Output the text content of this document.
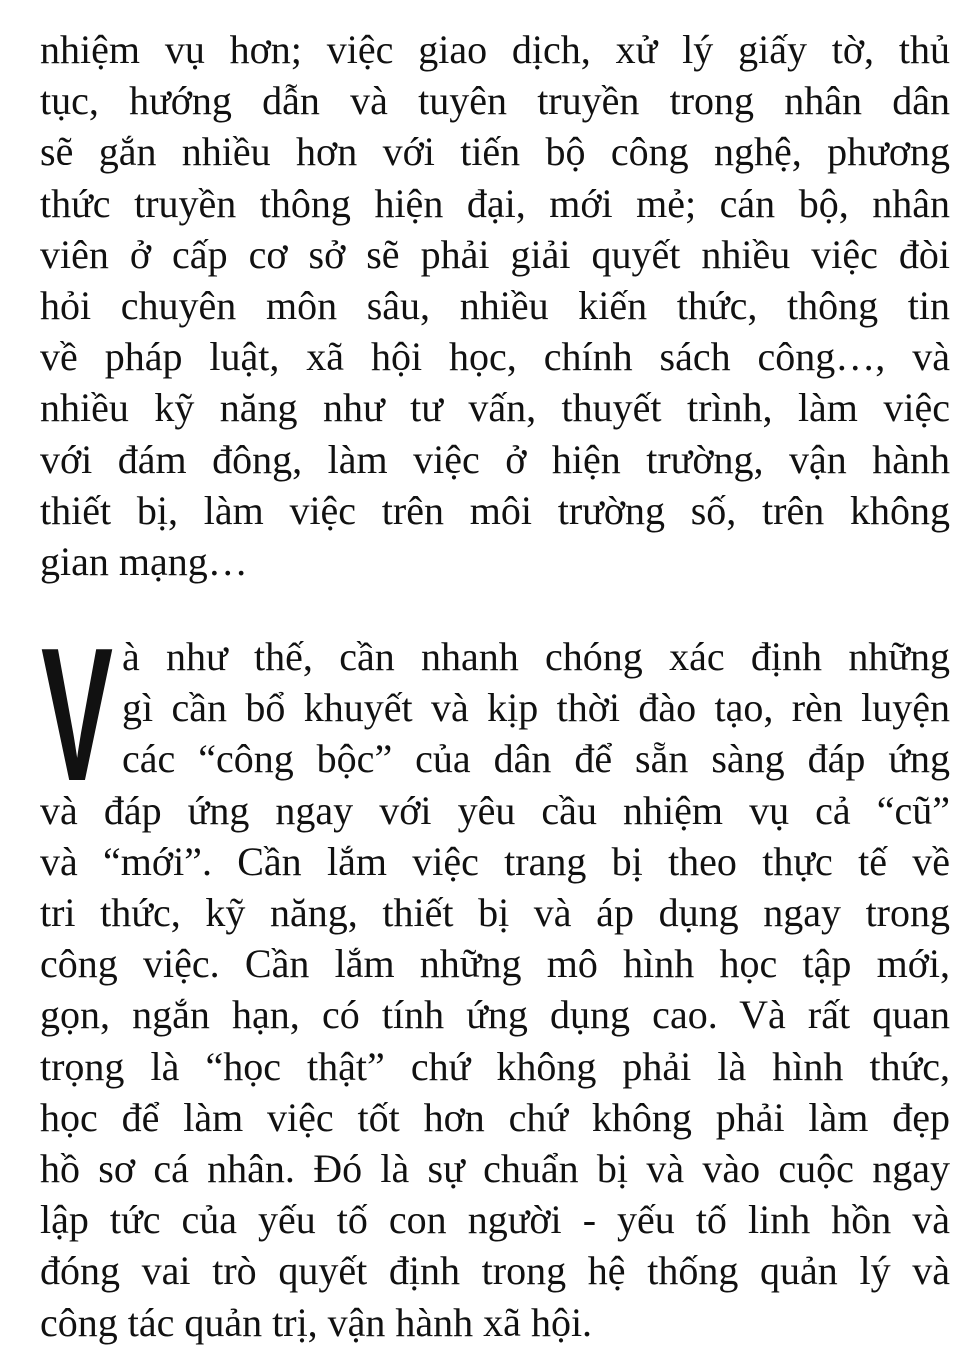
nhiệm vụ hơn; việc giao dịch, xử lý giấy tờ, thủ
tục, hướng dẫn và tuyên truyền trong nhân dân
sẽ gắn nhiều hơn với tiến bộ công nghệ, phương
thức truyền thông hiện đại, mới mẻ; cán bộ, nhân
viên ở cấp cơ sở sẽ phải giải quyết nhiều việc đòi
hỏi chuyên môn sâu, nhiều kiến thức, thông tin
về pháp luật, xã hội học, chính sách công…, và
nhiều kỹ năng như tư vấn, thuyết trình, làm việc
với đám đông, làm việc ở hiện trường, vận hành
thiết bị, làm việc trên môi trường số, trên không
gian mạng…
V à như thế, cần nhanh chóng xác định những
gì cần bổ khuyết và kịp thời đào tạo, rèn luyện
các “công bộc” của dân để sẵn sàng đáp ứng
và đáp ứng ngay với yêu cầu nhiệm vụ cả “cũ”
và “mới”. Cần lắm việc trang bị theo thực tế về
tri thức, kỹ năng, thiết bị và áp dụng ngay trong
công việc. Cần lắm những mô hình học tập mới,
gọn, ngắn hạn, có tính ứng dụng cao. Và rất quan
trọng là “học thật” chứ không phải là hình thức,
học để làm việc tốt hơn chứ không phải làm đẹp
hồ sơ cá nhân. Đó là sự chuẩn bị và vào cuộc ngay
lập tức của yếu tố con người - yếu tố linh hồn và
đóng vai trò quyết định trong hệ thống quản lý và
công tác quản trị, vận hành xã hội.
